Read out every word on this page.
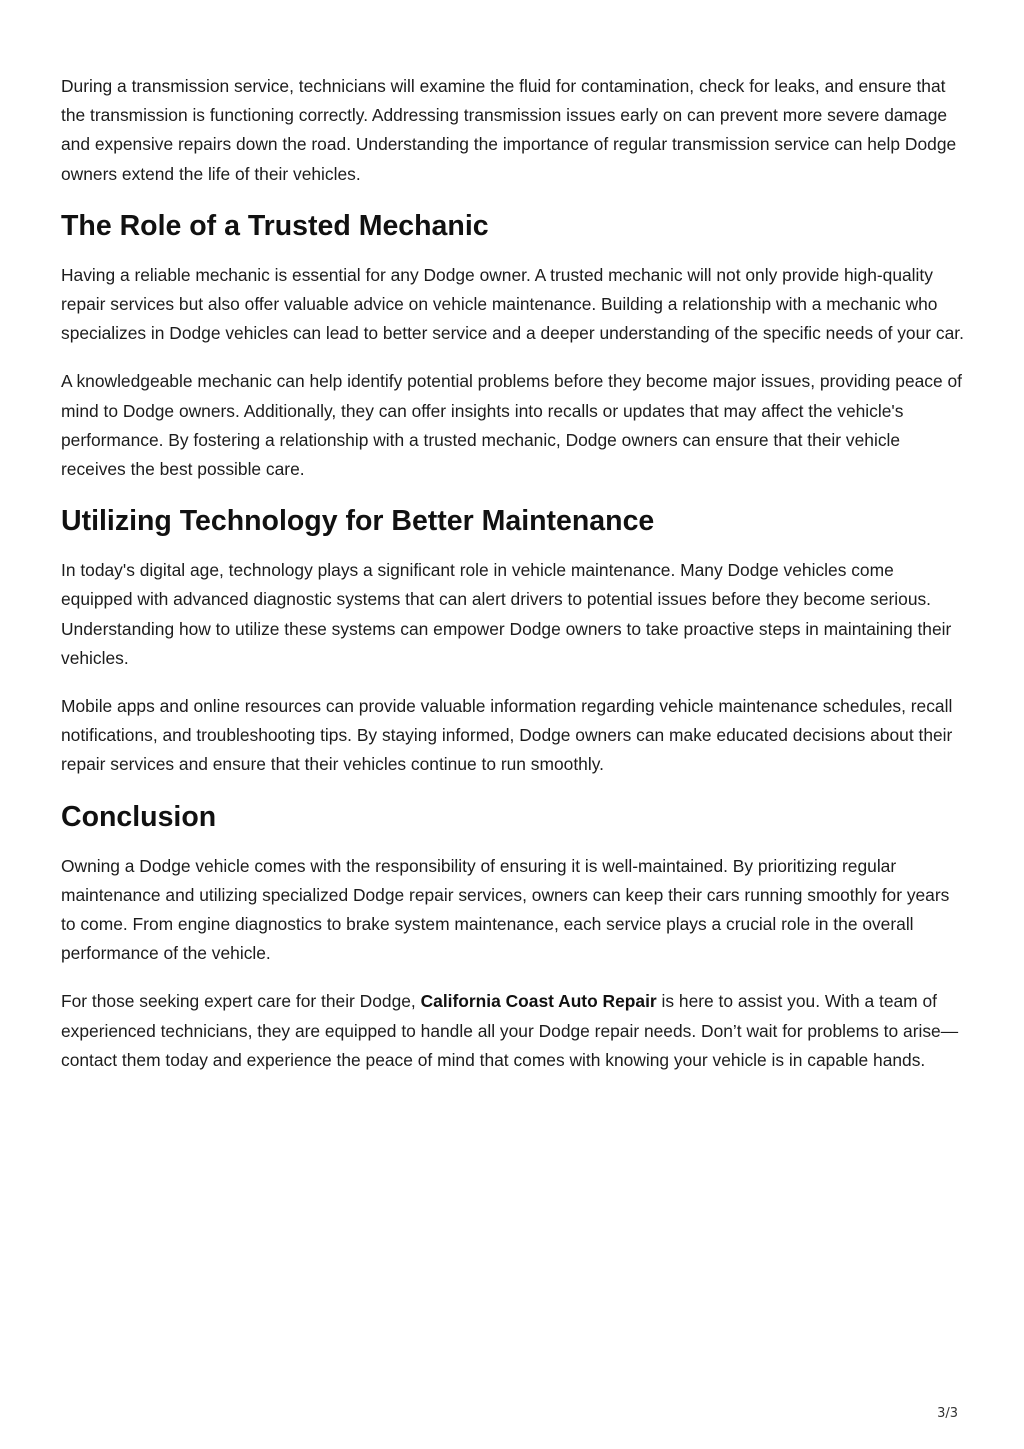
During a transmission service, technicians will examine the fluid for contamination, check for leaks, and ensure that the transmission is functioning correctly. Addressing transmission issues early on can prevent more severe damage and expensive repairs down the road. Understanding the importance of regular transmission service can help Dodge owners extend the life of their vehicles.

The Role of a Trusted Mechanic

Having a reliable mechanic is essential for any Dodge owner. A trusted mechanic will not only provide high-quality repair services but also offer valuable advice on vehicle maintenance. Building a relationship with a mechanic who specializes in Dodge vehicles can lead to better service and a deeper understanding of the specific needs of your car.

A knowledgeable mechanic can help identify potential problems before they become major issues, providing peace of mind to Dodge owners. Additionally, they can offer insights into recalls or updates that may affect the vehicle's performance. By fostering a relationship with a trusted mechanic, Dodge owners can ensure that their vehicle receives the best possible care.

Utilizing Technology for Better Maintenance

In today's digital age, technology plays a significant role in vehicle maintenance. Many Dodge vehicles come equipped with advanced diagnostic systems that can alert drivers to potential issues before they become serious. Understanding how to utilize these systems can empower Dodge owners to take proactive steps in maintaining their vehicles.

Mobile apps and online resources can provide valuable information regarding vehicle maintenance schedules, recall notifications, and troubleshooting tips. By staying informed, Dodge owners can make educated decisions about their repair services and ensure that their vehicles continue to run smoothly.

Conclusion

Owning a Dodge vehicle comes with the responsibility of ensuring it is well-maintained. By prioritizing regular maintenance and utilizing specialized Dodge repair services, owners can keep their cars running smoothly for years to come. From engine diagnostics to brake system maintenance, each service plays a crucial role in the overall performance of the vehicle.

For those seeking expert care for their Dodge, California Coast Auto Repair is here to assist you. With a team of experienced technicians, they are equipped to handle all your Dodge repair needs. Don’t wait for problems to arise—contact them today and experience the peace of mind that comes with knowing your vehicle is in capable hands.

3/3
